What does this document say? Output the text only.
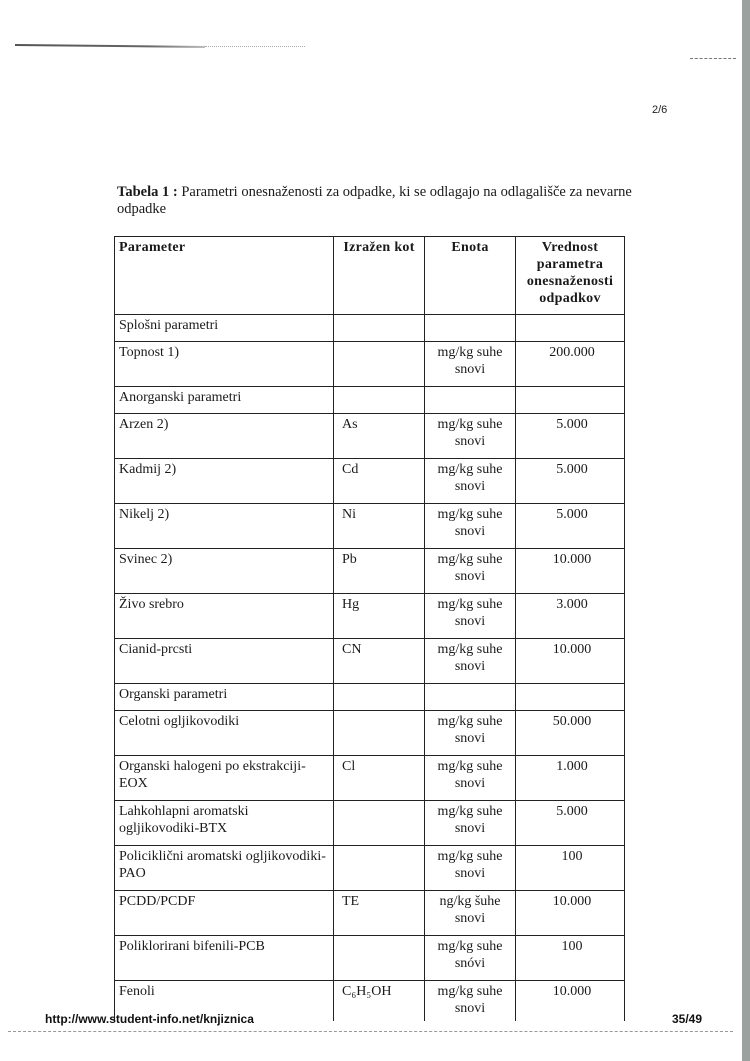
2/6
Tabela 1 : Parametri onesnaženosti za odpadke, ki se odlagajo na odlagališče za nevarne odpadke
Parameter	Izražen kot	Enota	Vrednost parametra onesnaženosti odpadkov
Splošni parametri			
Topnost 1)		mg/kg suhe snovi	200.000
Anorganski parametri			
Arzen 2)	As	mg/kg suhe snovi	5.000
Kadmij 2)	Cd	mg/kg suhe snovi	5.000
Nikelj 2)	Ni	mg/kg suhe snovi	5.000
Svinec 2)	Pb	mg/kg suhe snovi	10.000
Živo srebro	Hg	mg/kg suhe snovi	3.000
Cianid-prcsti	CN	mg/kg suhe snovi	10.000
Organski parametri			
Celotni ogljikovodiki		mg/kg suhe snovi	50.000
Organski halogeni po ekstrakciji-EOX	Cl	mg/kg suhe snovi	1.000
Lahkohlapni aromatski ogljikovodiki-BTX		mg/kg suhe snovi	5.000
Policiklični aromatski ogljikovodiki-PAO		mg/kg suhe snovi	100
PCDD/PCDF	TE	ng/kg šuhe snovi	10.000
Poliklorirani bifenili-PCB		mg/kg suhe snóvi	100
Fenoli	C₆H₅OH	mg/kg suhe snovi	10.000
http://www.student-info.net/knjiznica	35/49
